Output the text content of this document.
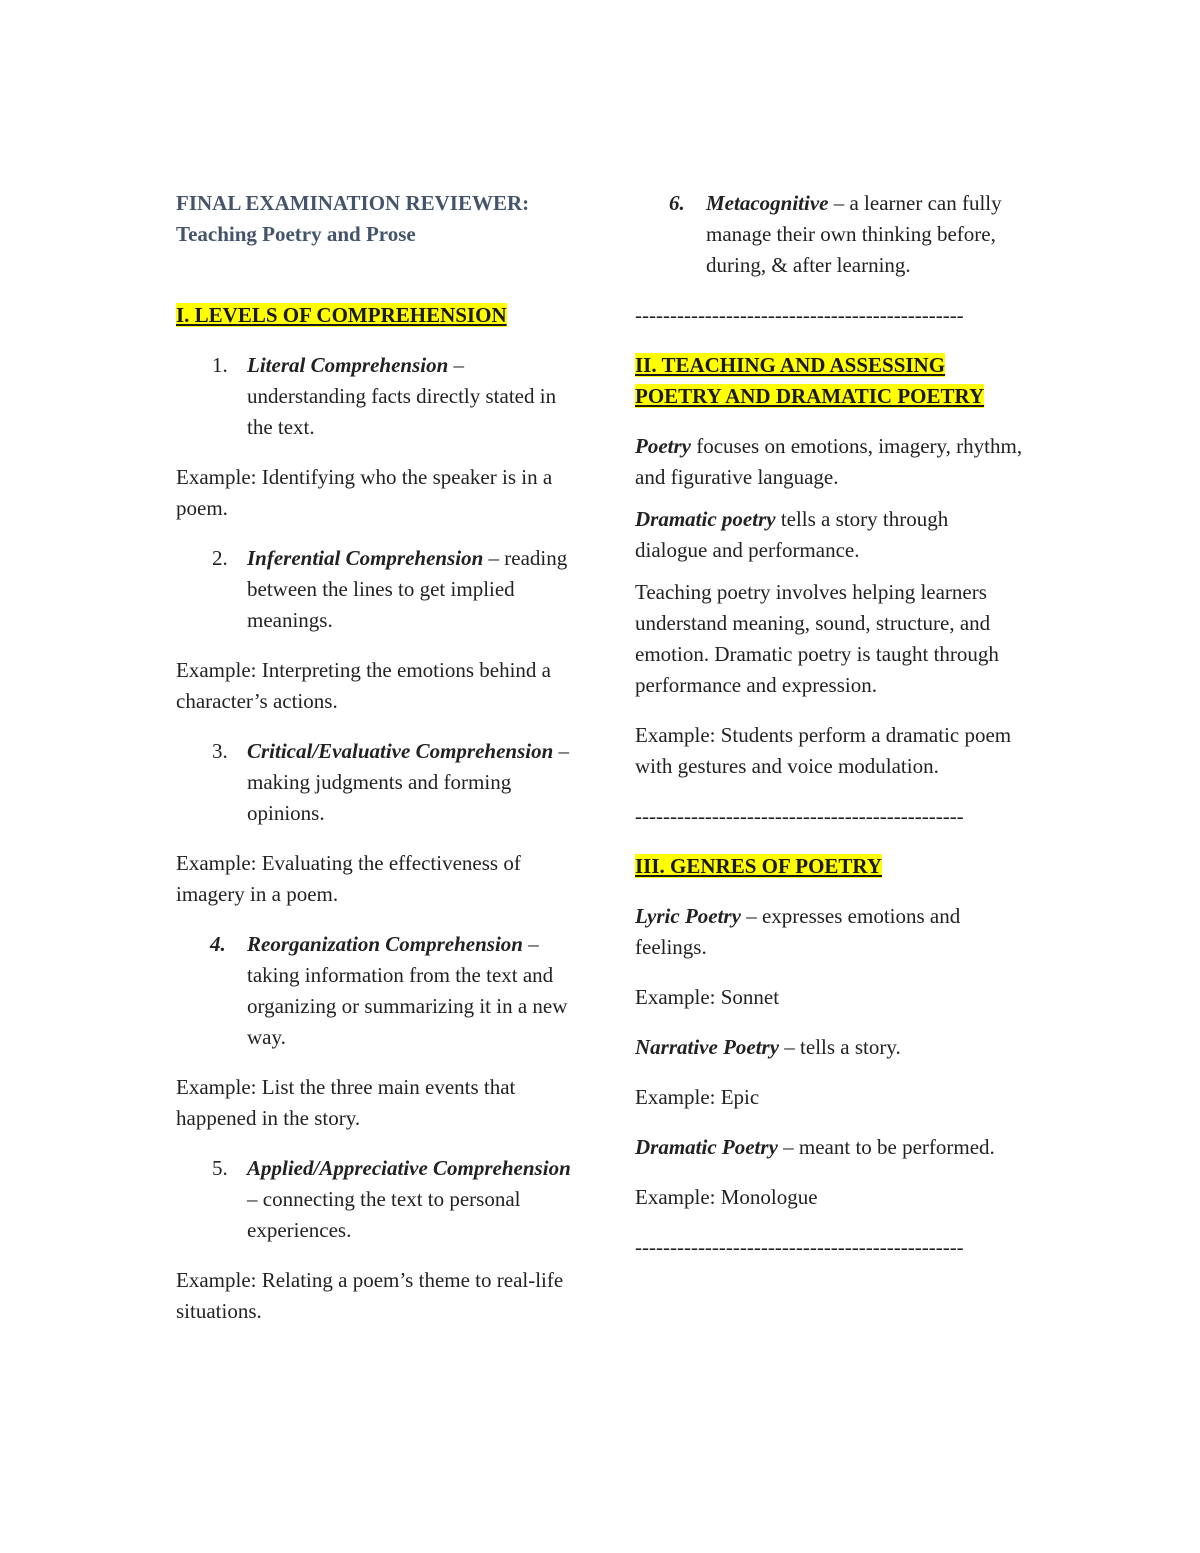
FINAL EXAMINATION REVIEWER: Teaching Poetry and Prose

I. LEVELS OF COMPREHENSION

1. Literal Comprehension – understanding facts directly stated in the text.

Example: Identifying who the speaker is in a poem.

2. Inferential Comprehension – reading between the lines to get implied meanings.

Example: Interpreting the emotions behind a character’s actions.

3. Critical/Evaluative Comprehension – making judgments and forming opinions.

Example: Evaluating the effectiveness of imagery in a poem.

4. Reorganization Comprehension – taking information from the text and organizing or summarizing it in a new way.

Example: List the three main events that happened in the story.

5. Applied/Appreciative Comprehension – connecting the text to personal experiences.

Example: Relating a poem’s theme to real-life situations.

6. Metacognitive – a learner can fully manage their own thinking before, during, & after learning.

-----------------------------------------------

II. TEACHING AND ASSESSING POETRY AND DRAMATIC POETRY

Poetry focuses on emotions, imagery, rhythm, and figurative language.

Dramatic poetry tells a story through dialogue and performance.

Teaching poetry involves helping learners understand meaning, sound, structure, and emotion. Dramatic poetry is taught through performance and expression.

Example: Students perform a dramatic poem with gestures and voice modulation.

-----------------------------------------------

III. GENRES OF POETRY

Lyric Poetry – expresses emotions and feelings.

Example: Sonnet

Narrative Poetry – tells a story.

Example: Epic

Dramatic Poetry – meant to be performed.

Example: Monologue

-----------------------------------------------
